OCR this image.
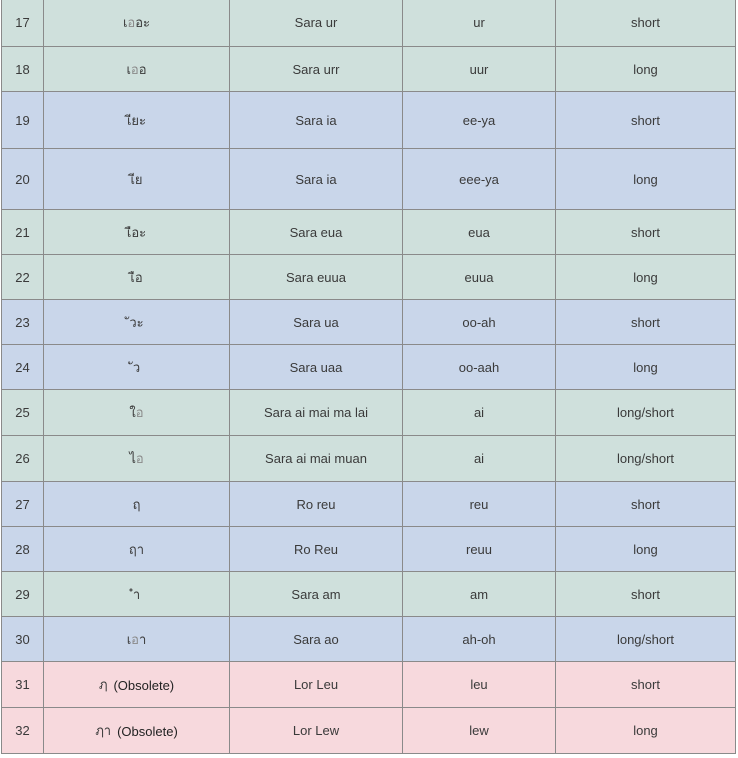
17	เออะ	Sara ur	ur	short
18	เออ	Sara urr	uur	long
19	เียะ	Sara ia	ee-ya	short
20	เีย	Sara ia	eee-ya	long
21	เือะ	Sara eua	eua	short
22	เือ	Sara euua	euua	long
23	ัวะ	Sara ua	oo-ah	short
24	ัว	Sara uaa	oo-aah	long
25	ใอ	Sara ai mai ma lai	ai	long/short
26	ไอ	Sara ai mai muan	ai	long/short
27	ฤ	Ro reu	reu	short
28	ฤา	Ro Reu	reuu	long
29	ำ	Sara am	am	short
30	เอา	Sara ao	ah-oh	long/short
31	ฦ (Obsolete)	Lor Leu	leu	short
32	ฦา (Obsolete)	Lor Lew	lew	long
